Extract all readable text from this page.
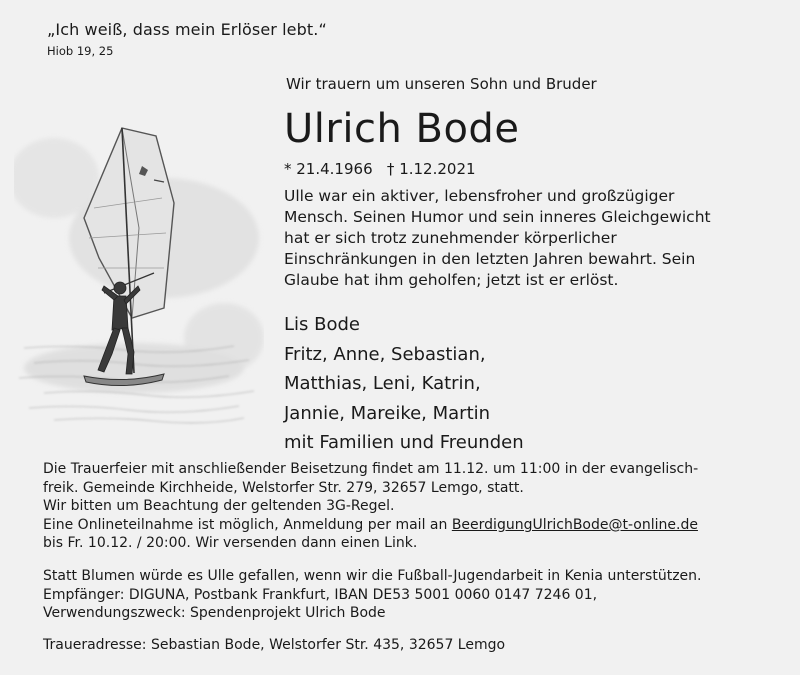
„Ich weiß, dass mein Erlöser lebt.“
Hiob 19, 25
Wir trauern um unseren Sohn und Bruder
Ulrich Bode
* 21.4.1966 † 1.12.2021
Ulle war ein aktiver, lebensfroher und großzügiger
Mensch. Seinen Humor und sein inneres Gleichgewicht
hat er sich trotz zunehmender körperlicher
Einschränkungen in den letzten Jahren bewahrt. Sein
Glaube hat ihm geholfen; jetzt ist er erlöst.
Lis Bode
Fritz, Anne, Sebastian,
Matthias, Leni, Katrin,
Jannie, Mareike, Martin
mit Familien und Freunden
Die Trauerfeier mit anschließender Beisetzung findet am 11.12. um 11:00 in der evangelisch-
freik. Gemeinde Kirchheide, Welstorfer Str. 279, 32657 Lemgo, statt.
Wir bitten um Beachtung der geltenden 3G-Regel.
Eine Onlineteilnahme ist möglich, Anmeldung per mail an BeerdigungUlrichBode@t-online.de
bis Fr. 10.12. / 20:00. Wir versenden dann einen Link.
Statt Blumen würde es Ulle gefallen, wenn wir die Fußball-Jugendarbeit in Kenia unterstützen.
Empfänger: DIGUNA, Postbank Frankfurt, IBAN DE53 5001 0060 0147 7246 01,
Verwendungszweck: Spendenprojekt Ulrich Bode
Traueradresse: Sebastian Bode, Welstorfer Str. 435, 32657 Lemgo
